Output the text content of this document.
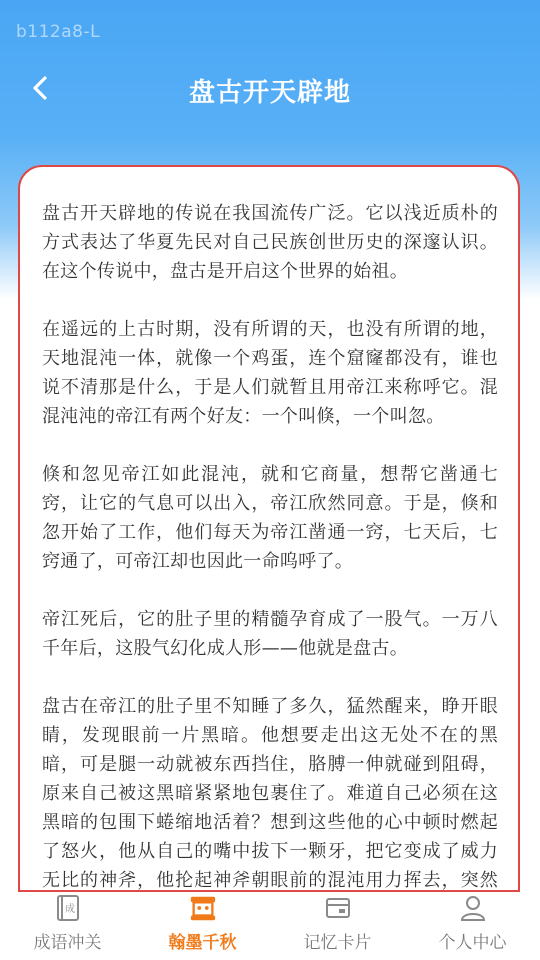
b112a8-L
盘古开天辟地

盘古开天辟地的传说在我国流传广泛。它以浅近质朴的方式表达了华夏先民对自己民族创世历史的深邃认识。在这个传说中，盘古是开启这个世界的始祖。

在遥远的上古时期，没有所谓的天，也没有所谓的地，天地混沌一体，就像一个鸡蛋，连个窟窿都没有，谁也说不清那是什么，于是人们就暂且用帝江来称呼它。混混沌沌的帝江有两个好友：一个叫倏，一个叫忽。

倏和忽见帝江如此混沌，就和它商量，想帮它凿通七窍，让它的气息可以出入，帝江欣然同意。于是，倏和忽开始了工作，他们每天为帝江凿通一窍，七天后，七窍通了，可帝江却也因此一命呜呼了。

帝江死后，它的肚子里的精髓孕育成了一股气。一万八千年后，这股气幻化成人形——他就是盘古。

盘古在帝江的肚子里不知睡了多久，猛然醒来，睁开眼睛，发现眼前一片黑暗。他想要走出这无处不在的黑暗，可是腿一动就被东西挡住，胳膊一伸就碰到阻碍，原来自己被这黑暗紧紧地包裹住了。难道自己必须在这黑暗的包围下蜷缩地活着？想到这些他的心中顿时燃起了怒火，他从自己的嘴中拔下一颗牙，把它变成了威力无比的神斧，他抡起神斧朝眼前的混沌用力挥去，突然

成
成语冲关	翰墨千秋	记忆卡片	个人中心
